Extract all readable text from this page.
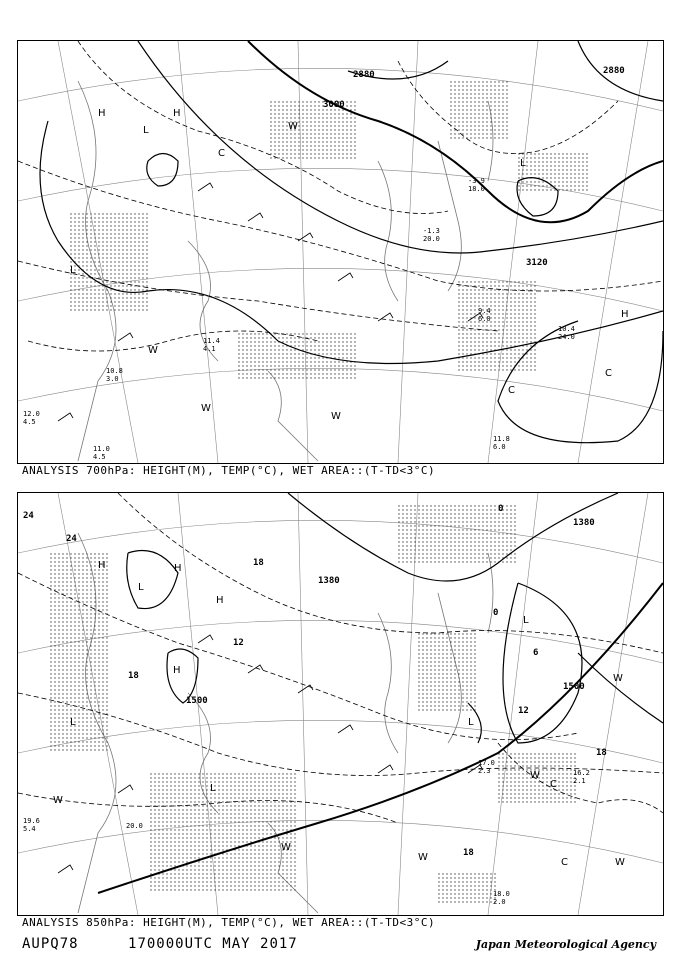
3000
2880
3120
2880
H
L
H
L
L
H
C
C
C
W
W
W
W
10.4
24.0
11.8
6.0
9.4
6.0
-1.3
20.0
-3.9
18.0
11.4
4.1
10.8
3.0
12.0
4.5
11.0
4.5
ANALYSIS 700hPa: HEIGHT(M), TEMP(°C), WET AREA::(T-TD<3°C)
1500
1380
1380
1500
24
24
18
12
18
12
18
18
0
0
6
H
L
H
H
H
L
L
L
L
C
C
W
W
W	W
W
W
16.2
2.1
18.0
2.0
19.6
5.4	20.0
17.0
2.3
ANALYSIS 850hPa: HEIGHT(M), TEMP(°C), WET AREA::(T-TD<3°C)
AUPQ78	170000UTC MAY 2017	Japan Meteorological Agency
